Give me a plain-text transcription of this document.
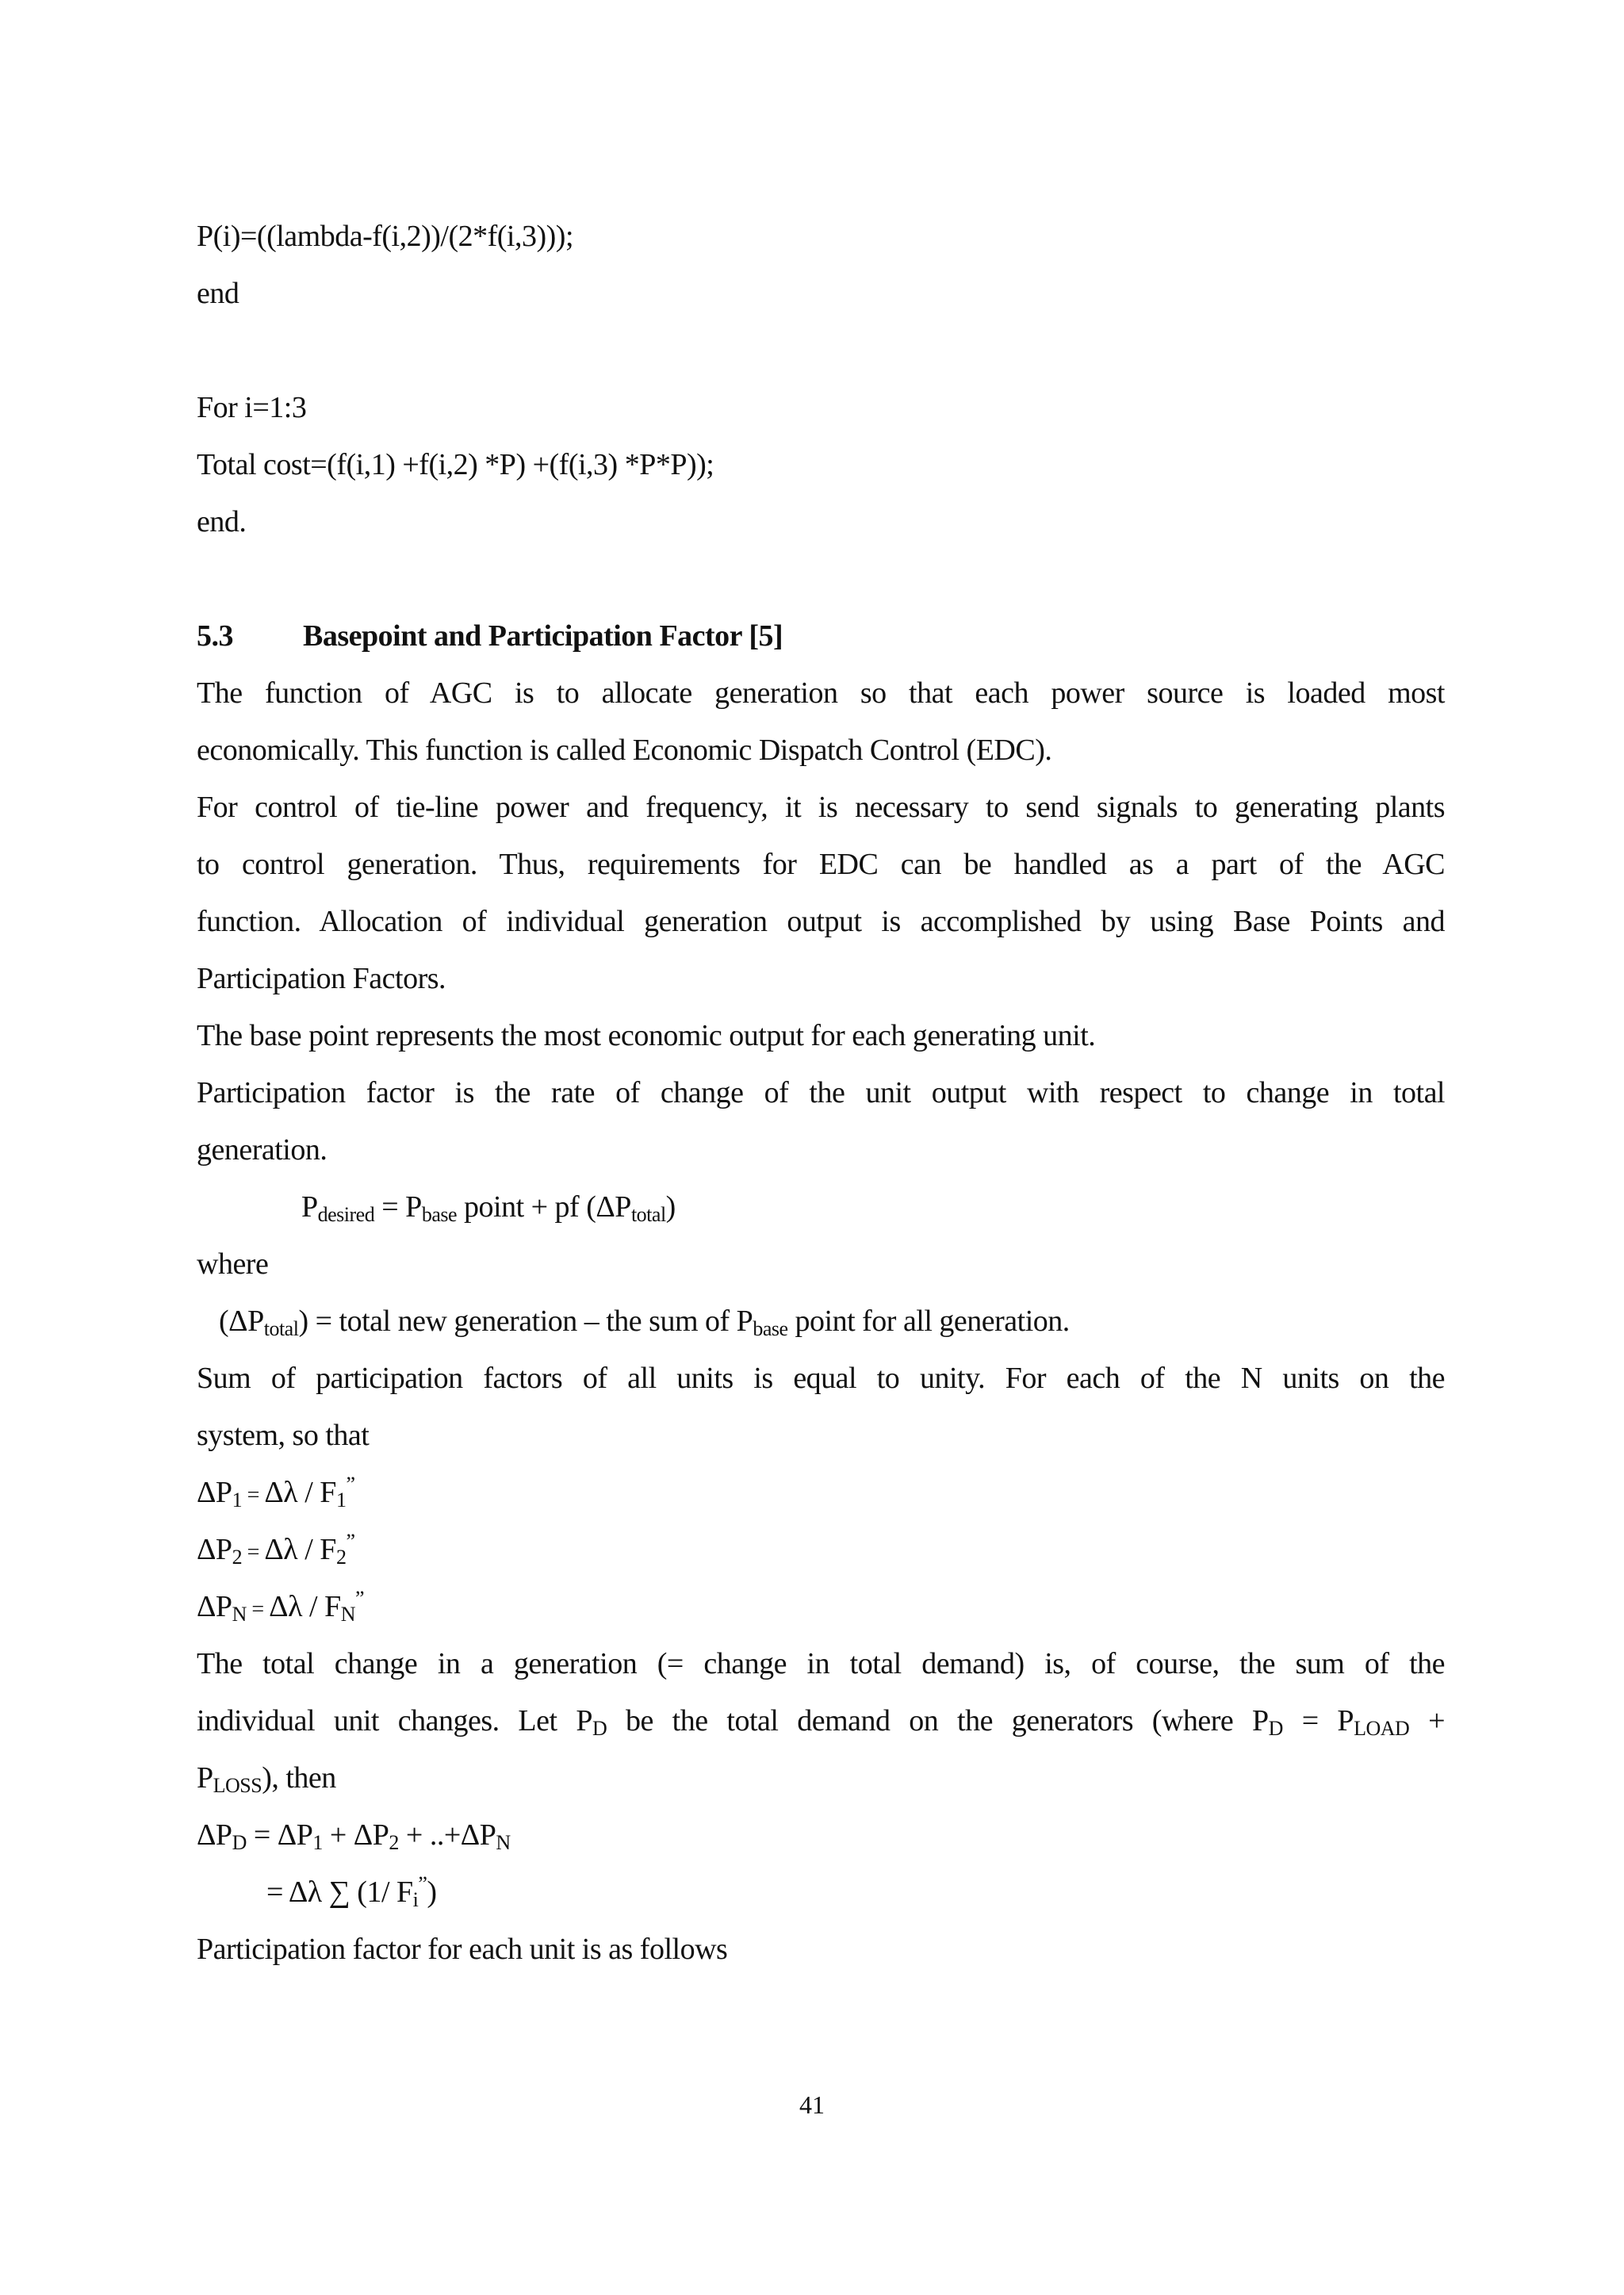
P(i)=((lambda-f(i,2))/(2*f(i,3)));
end
For i=1:3
Total cost=(f(i,1) +f(i,2) *P) +(f(i,3) *P*P));
end.
5.3 Basepoint and Participation Factor [5]
The function of AGC is to allocate generation so that each power source is loaded most
economically. This function is called Economic Dispatch Control (EDC).
For control of tie-line power and frequency, it is necessary to send signals to generating plants
to control generation. Thus, requirements for EDC can be handled as a part of the AGC
function. Allocation of individual generation output is accomplished by using Base Points and
Participation Factors.
The base point represents the most economic output for each generating unit.
Participation factor is the rate of change of the unit output with respect to change in total
generation.
$P_{desired} = P_{base}$ point + pf $(\Delta P_{total})$
where
$(\Delta P_{total})$ = total new generation – the sum of $P_{base}$ point for all generation.
Sum of participation factors of all units is equal to unity. For each of the N units on the
system, so that
$\Delta P_1 = \Delta\lambda / F_1^”$
$\Delta P_2 = \Delta\lambda / F_2^”$
$\Delta P_N = \Delta\lambda / F_N^”$
The total change in a generation (= change in total demand) is, of course, the sum of the
individual unit changes. Let $P_D$ be the total demand on the generators (where $P_D = P_{LOAD}$ +
$P_{LOSS}$), then
$\Delta P_D = \Delta P_1 + \Delta P_2 + ..+\Delta P_N$
= Δλ ∑ (1/ $F_i^”$)
Participation factor for each unit is as follows
41
